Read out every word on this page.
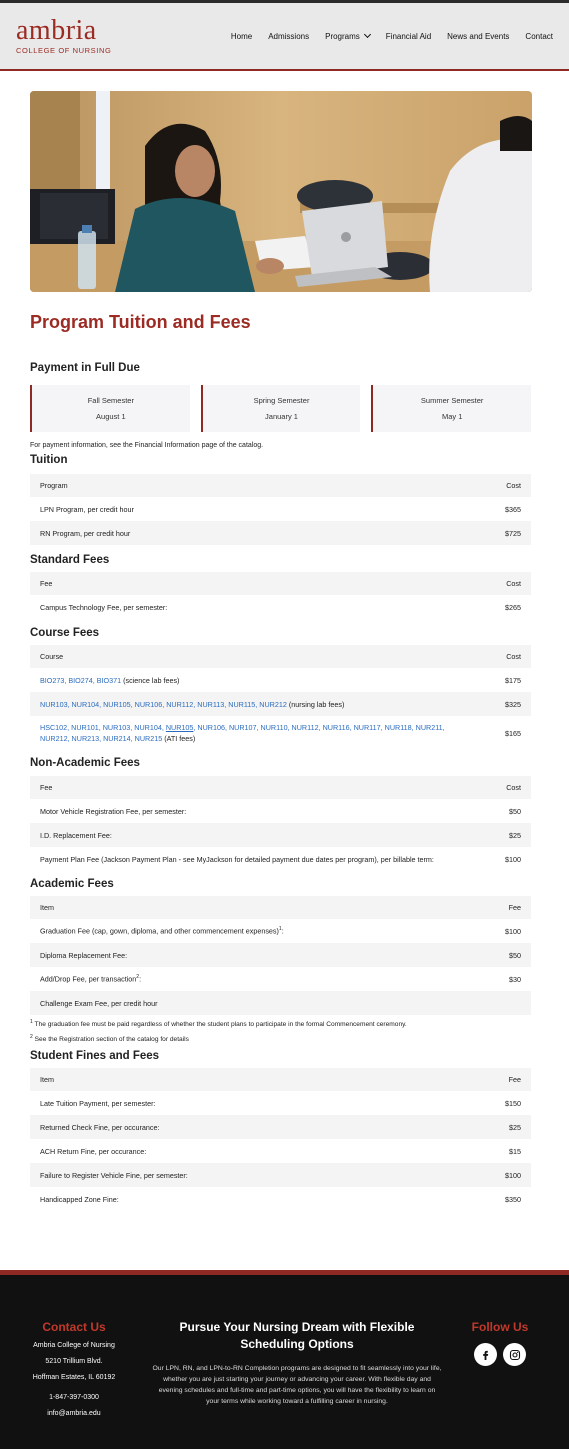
ambria
COLLEGE OF NURSING
Home Admissions Programs	Financial Aid News and Events Contact
Program Tuition and Fees
Payment in Full Due
Fall Semester
August 1
Spring Semester
January 1
Summer Semester
May 1

For payment information, see the Financial Information page of the catalog.

Tuition
Program	Cost
LPN Program, per credit hour	$365
RN Program, per credit hour	$725
Standard Fees
Fee	Cost
Campus Technology Fee, per semester:	$265
Course Fees
Course	Cost
BIO273, BIO274, BIO371 (science lab fees)	$175
NUR103, NUR104, NUR105, NUR106, NUR112, NUR113, NUR115, NUR212 (nursing lab fees)	$325
HSC102, NUR101, NUR103, NUR104, NUR105, NUR106, NUR107, NUR110, NUR112, NUR116, NUR117, NUR118, NUR211, NUR212, NUR213, NUR214, NUR215 (ATI fees)	$165
Non-Academic Fees
Fee	Cost
Motor Vehicle Registration Fee, per semester:	$50
I.D. Replacement Fee:	$25
Payment Plan Fee (Jackson Payment Plan - see MyJackson for detailed payment due dates per program), per billable term:	$100
Academic Fees
Item	Fee
Graduation Fee (cap, gown, diploma, and other commencement expenses)$^1$:	$100
Diploma Replacement Fee:	$50
Add/Drop Fee, per transaction$^2$:	$30
Challenge Exam Fee, per credit hour	

$^1$ The graduation fee must be paid regardless of whether the student plans to participate in the formal Commencement ceremony.

$^2$ See the Registration section of the catalog for details

Student Fines and Fees
Item	Fee
Late Tuition Payment, per semester:	$150
Returned Check Fine, per occurance:	$25
ACH Return Fine, per occurance:	$15
Failure to Register Vehicle Fine, per semester:	$100
Handicapped Zone Fine:	$350
Contact Us
Ambria College of Nursing
5210 Trillium Blvd.
Hoffman Estates, IL 60192
1-847-397-0300
info@ambria.edu
Pursue Your Nursing Dream with Flexible Scheduling Options
Our LPN, RN, and LPN-to-RN Completion programs are designed to fit seamlessly into your life, whether you are just starting your journey or advancing your career. With flexible day and evening schedules and full-time and part-time options, you will have the flexibility to learn on your terms while working toward a fulfilling career in nursing.
Follow Us
